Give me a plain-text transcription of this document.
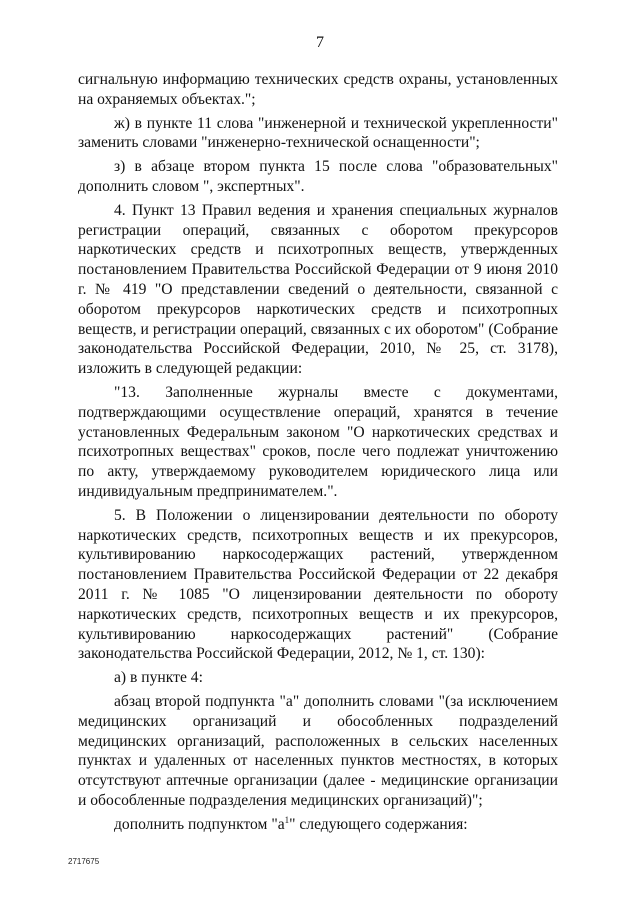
7

сигнальную информацию технических средств охраны, установленных на охраняемых объектах.";

ж) в пункте 11 слова "инженерной и технической укрепленности" заменить словами "инженерно-технической оснащенности";

з) в абзаце втором пункта 15 после слова "образовательных" дополнить словом ", экспертных".

4. Пункт 13 Правил ведения и хранения специальных журналов регистрации операций, связанных с оборотом прекурсоров наркотических средств и психотропных веществ, утвержденных постановлением Правительства Российской Федерации от 9 июня 2010 г. № 419 "О представлении сведений о деятельности, связанной с оборотом прекурсоров наркотических средств и психотропных веществ, и регистрации операций, связанных с их оборотом" (Собрание законодательства Российской Федерации, 2010, № 25, ст. 3178), изложить в следующей редакции:

"13. Заполненные журналы вместе с документами, подтверждающими осуществление операций, хранятся в течение установленных Федеральным законом "О наркотических средствах и психотропных веществах" сроков, после чего подлежат уничтожению по акту, утверждаемому руководителем юридического лица или индивидуальным предпринимателем.".

5. В Положении о лицензировании деятельности по обороту наркотических средств, психотропных веществ и их прекурсоров, культивированию наркосодержащих растений, утвержденном постановлением Правительства Российской Федерации от 22 декабря 2011 г. № 1085 "О лицензировании деятельности по обороту наркотических средств, психотропных веществ и их прекурсоров, культивированию наркосодержащих растений" (Собрание законодательства Российской Федерации, 2012, № 1, ст. 130):

а) в пункте 4:

абзац второй подпункта "а" дополнить словами "(за исключением медицинских организаций и обособленных подразделений медицинских организаций, расположенных в сельских населенных пунктах и удаленных от населенных пунктов местностях, в которых отсутствуют аптечные организации (далее - медицинские организации и обособленные подразделения медицинских организаций)";

дополнить подпунктом "$а^1$" следующего содержания:

2717675
